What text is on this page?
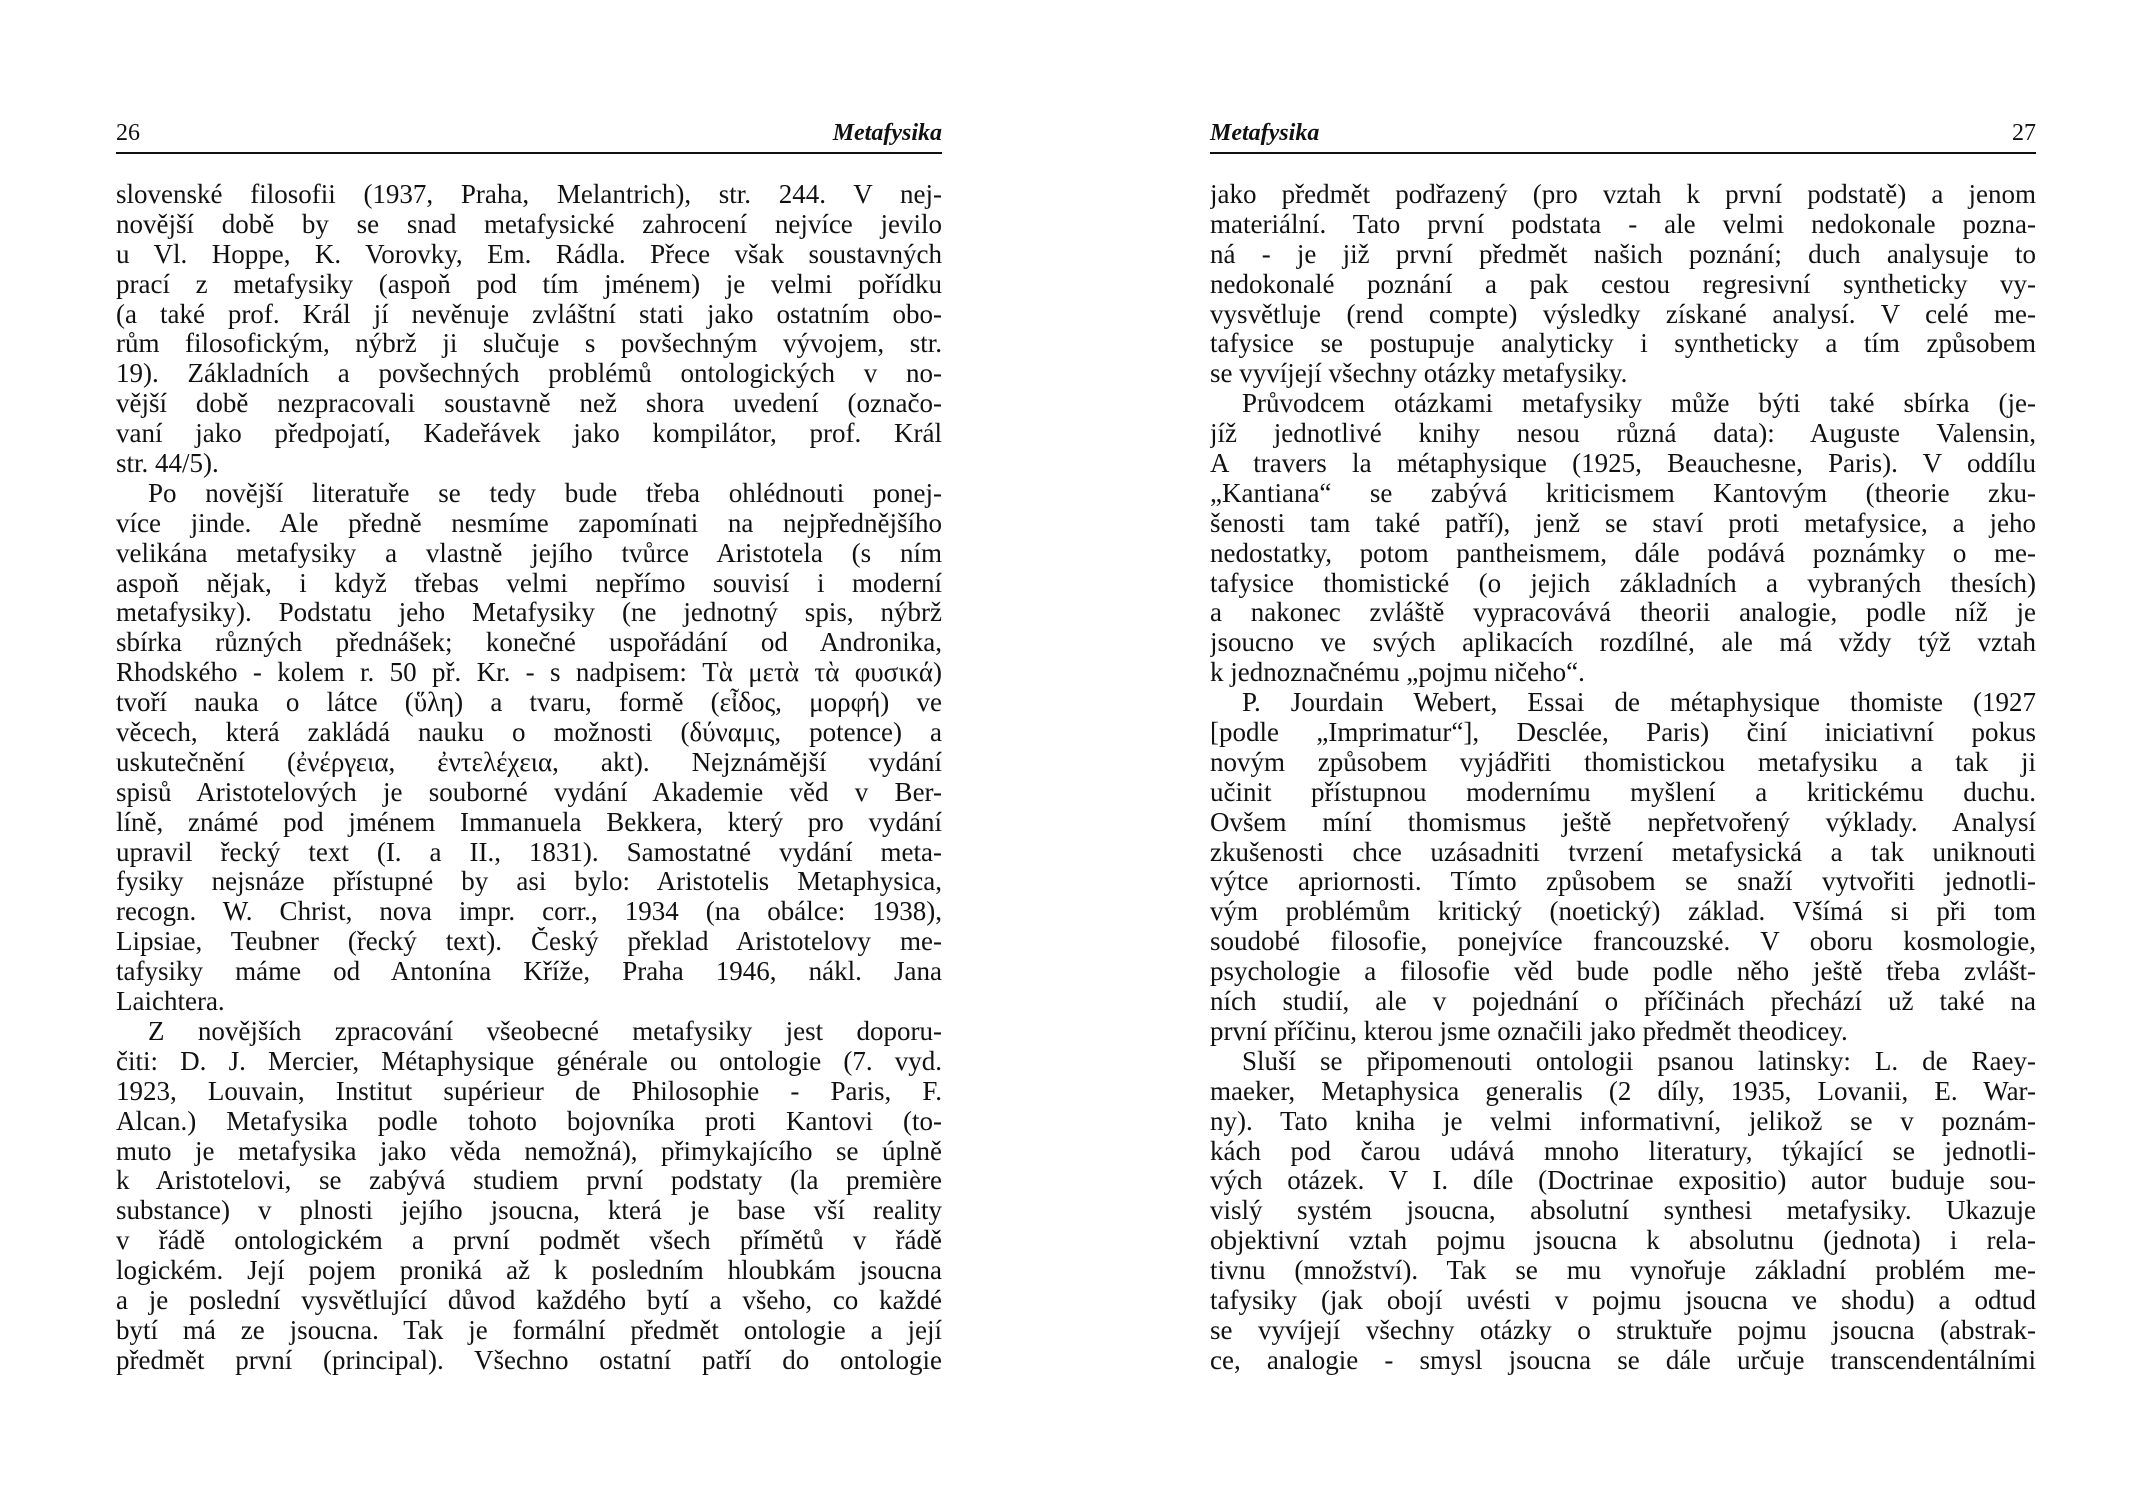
26	Metafysika
slovenské filosofii (1937, Praha, Melantrich), str. 244. V nej-
novější době by se snad metafysické zahrocení nejvíce jevilo
u Vl. Hoppe, K. Vorovky, Em. Rádla. Přece však soustavných
prací z metafysiky (aspoň pod tím jménem) je velmi pořídku
(a také prof. Král jí nevěnuje zvláštní stati jako ostatním obo-
rům filosofickým, nýbrž ji slučuje s povšechným vývojem, str.
19). Základních a povšechných problémů ontologických v no-
vější době nezpracovali soustavně než shora uvedení (označo-
vaní jako předpojatí, Kadeřávek jako kompilátor, prof. Král
str. 44/5).
Po novější literatuře se tedy bude třeba ohlédnouti ponej-
více jinde. Ale předně nesmíme zapomínati na nejpřednějšího
velikána metafysiky a vlastně jejího tvůrce Aristotela (s ním
aspoň nějak, i když třebas velmi nepřímo souvisí i moderní
metafysiky). Podstatu jeho Metafysiky (ne jednotný spis, nýbrž
sbírka různých přednášek; konečné uspořádání od Andronika,
Rhodského - kolem r. 50 př. Kr. - s nadpisem: Τὰ μετὰ τὰ φυσικά)
tvoří nauka o látce (ὕλη) a tvaru, formě (εἶδος, μορφή) ve
věcech, která zakládá nauku o možnosti (δύναμις, potence) a
uskutečnění (ἐνέργεια, ἐντελέχεια, akt). Nejznámější vydání
spisů Aristotelových je souborné vydání Akademie věd v Ber-
líně, známé pod jménem Immanuela Bekkera, který pro vydání
upravil řecký text (I. a II., 1831). Samostatné vydání meta-
fysiky nejsnáze přístupné by asi bylo: Aristotelis Metaphysica,
recogn. W. Christ, nova impr. corr., 1934 (na obálce: 1938),
Lipsiae, Teubner (řecký text). Český překlad Aristotelovy me-
tafysiky máme od Antonína Kříže, Praha 1946, nákl. Jana
Laichtera.
Z novějších zpracování všeobecné metafysiky jest doporu-
čiti: D. J. Mercier, Métaphysique générale ou ontologie (7. vyd.
1923, Louvain, Institut supérieur de Philosophie - Paris, F.
Alcan.) Metafysika podle tohoto bojovníka proti Kantovi (to-
muto je metafysika jako věda nemožná), přimykajícího se úplně
k Aristotelovi, se zabývá studiem první podstaty (la première
substance) v plnosti jejího jsoucna, která je base vší reality
v řádě ontologickém a první podmět všech přímětů v řádě
logickém. Její pojem proniká až k posledním hloubkám jsoucna
a je poslední vysvětlující důvod každého bytí a všeho, co každé
bytí má ze jsoucna. Tak je formální předmět ontologie a její
předmět první (principal). Všechno ostatní patří do ontologie
Metafysika	27
jako předmět podřazený (pro vztah k první podstatě) a jenom
materiální. Tato první podstata - ale velmi nedokonale pozna-
ná - je již první předmět našich poznání; duch analysuje to
nedokonalé poznání a pak cestou regresivní syntheticky vy-
vysvětluje (rend compte) výsledky získané analysí. V celé me-
tafysice se postupuje analyticky i syntheticky a tím způsobem
se vyvíjejí všechny otázky metafysiky.
Průvodcem otázkami metafysiky může býti také sbírka (je-
jíž jednotlivé knihy nesou různá data): Auguste Valensin,
A travers la métaphysique (1925, Beauchesne, Paris). V oddílu
„Kantiana“ se zabývá kriticismem Kantovým (theorie zku-
šenosti tam také patří), jenž se staví proti metafysice, a jeho
nedostatky, potom pantheismem, dále podává poznámky o me-
tafysice thomistické (o jejich základních a vybraných thesích)
a nakonec zvláště vypracovává theorii analogie, podle níž je
jsoucno ve svých aplikacích rozdílné, ale má vždy týž vztah
k jednoznačnému „pojmu ničeho“.
P. Jourdain Webert, Essai de métaphysique thomiste (1927
[podle „Imprimatur“], Desclée, Paris) činí iniciativní pokus
novým způsobem vyjádřiti thomistickou metafysiku a tak ji
učinit přístupnou modernímu myšlení a kritickému duchu.
Ovšem míní thomismus ještě nepřetvořený výklady. Analysí
zkušenosti chce uzásadniti tvrzení metafysická a tak uniknouti
výtce apriornosti. Tímto způsobem se snaží vytvořiti jednotli-
vým problémům kritický (noetický) základ. Všímá si při tom
soudobé filosofie, ponejvíce francouzské. V oboru kosmologie,
psychologie a filosofie věd bude podle něho ještě třeba zvlášt-
ních studií, ale v pojednání o příčinách přechází už také na
první příčinu, kterou jsme označili jako předmět theodicey.
Sluší se připomenouti ontologii psanou latinsky: L. de Raey-
maeker, Metaphysica generalis (2 díly, 1935, Lovanii, E. War-
ny). Tato kniha je velmi informativní, jelikož se v poznám-
kách pod čarou udává mnoho literatury, týkající se jednotli-
vých otázek. V I. díle (Doctrinae expositio) autor buduje sou-
vislý systém jsoucna, absolutní synthesi metafysiky. Ukazuje
objektivní vztah pojmu jsoucna k absolutnu (jednota) i rela-
tivnu (množství). Tak se mu vynořuje základní problém me-
tafysiky (jak obojí uvésti v pojmu jsoucna ve shodu) a odtud
se vyvíjejí všechny otázky o struktuře pojmu jsoucna (abstrak-
ce, analogie - smysl jsoucna se dále určuje transcendentálními
